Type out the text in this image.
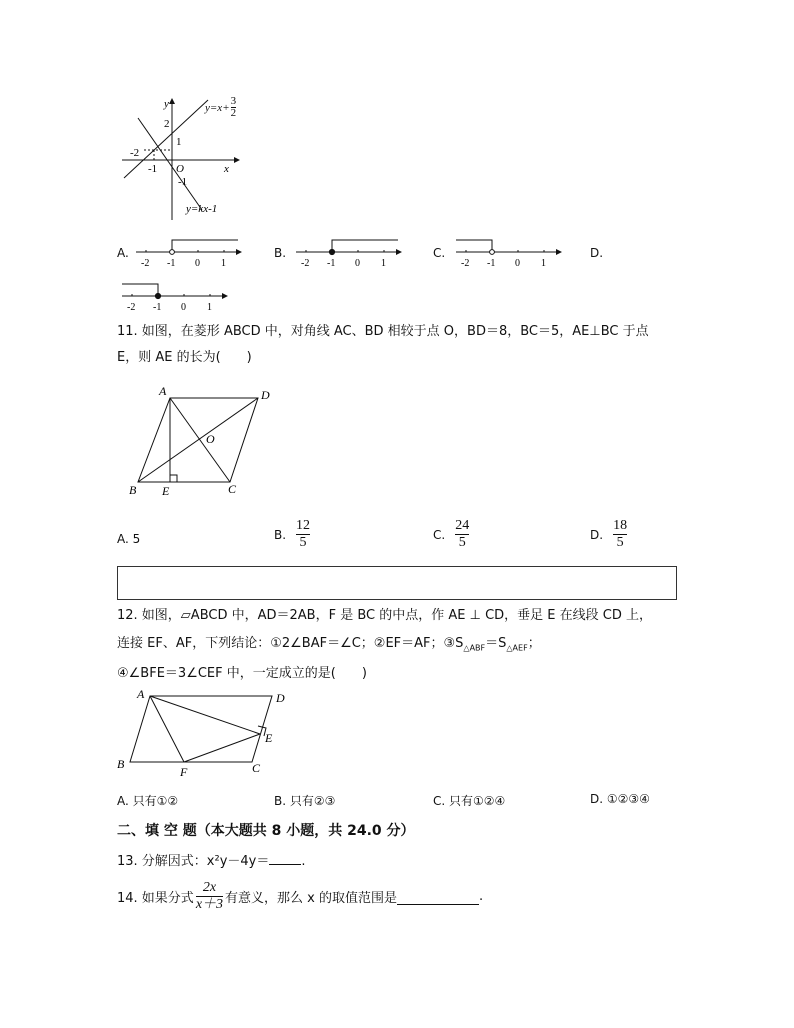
y
2
1
-2
-1 O
-1
x
y=kx-1
$y=x+ \frac{3}{2}$
A.
-2 -1 0 1
B.
-2 -1 0 1
C.
-2 -1 0 1
D.
-2 -1 0 1
11. 如图，在菱形 ABCD 中，对角线 AC、BD 相较于点 O，BD＝8，BC＝5，AE⊥BC 于点
E，则 AE 的长为(　　)
A	D
O
B E	C
A. 5	B. $\frac{12}{5}$	C. $\frac{24}{5}$	D. $\frac{18}{5}$
12. 如图，▱ABCD 中，AD＝2AB，F 是 BC 的中点，作 AE ⊥ CD，垂足 E 在线段 CD 上，
连接 EF、AF，下列结论：①2∠BAF＝∠C；②EF＝AF；$③S_{\triangle ABF}=S_{\triangle AEF}$；
④∠BFE＝3∠CEF 中，一定成立的是(　　)
A	D
E
B
F	C
A. 只有①②	B. 只有②③	C. 只有①②④	D. ①②③④
二、填 空 题（本大题共 8 小题，共 24.0 分）
13. 分解因式：x²y－4y＝ .
14. 如果分式 $\frac{2x}{x+3}$ 有意义，那么 x 的取值范围是	.
